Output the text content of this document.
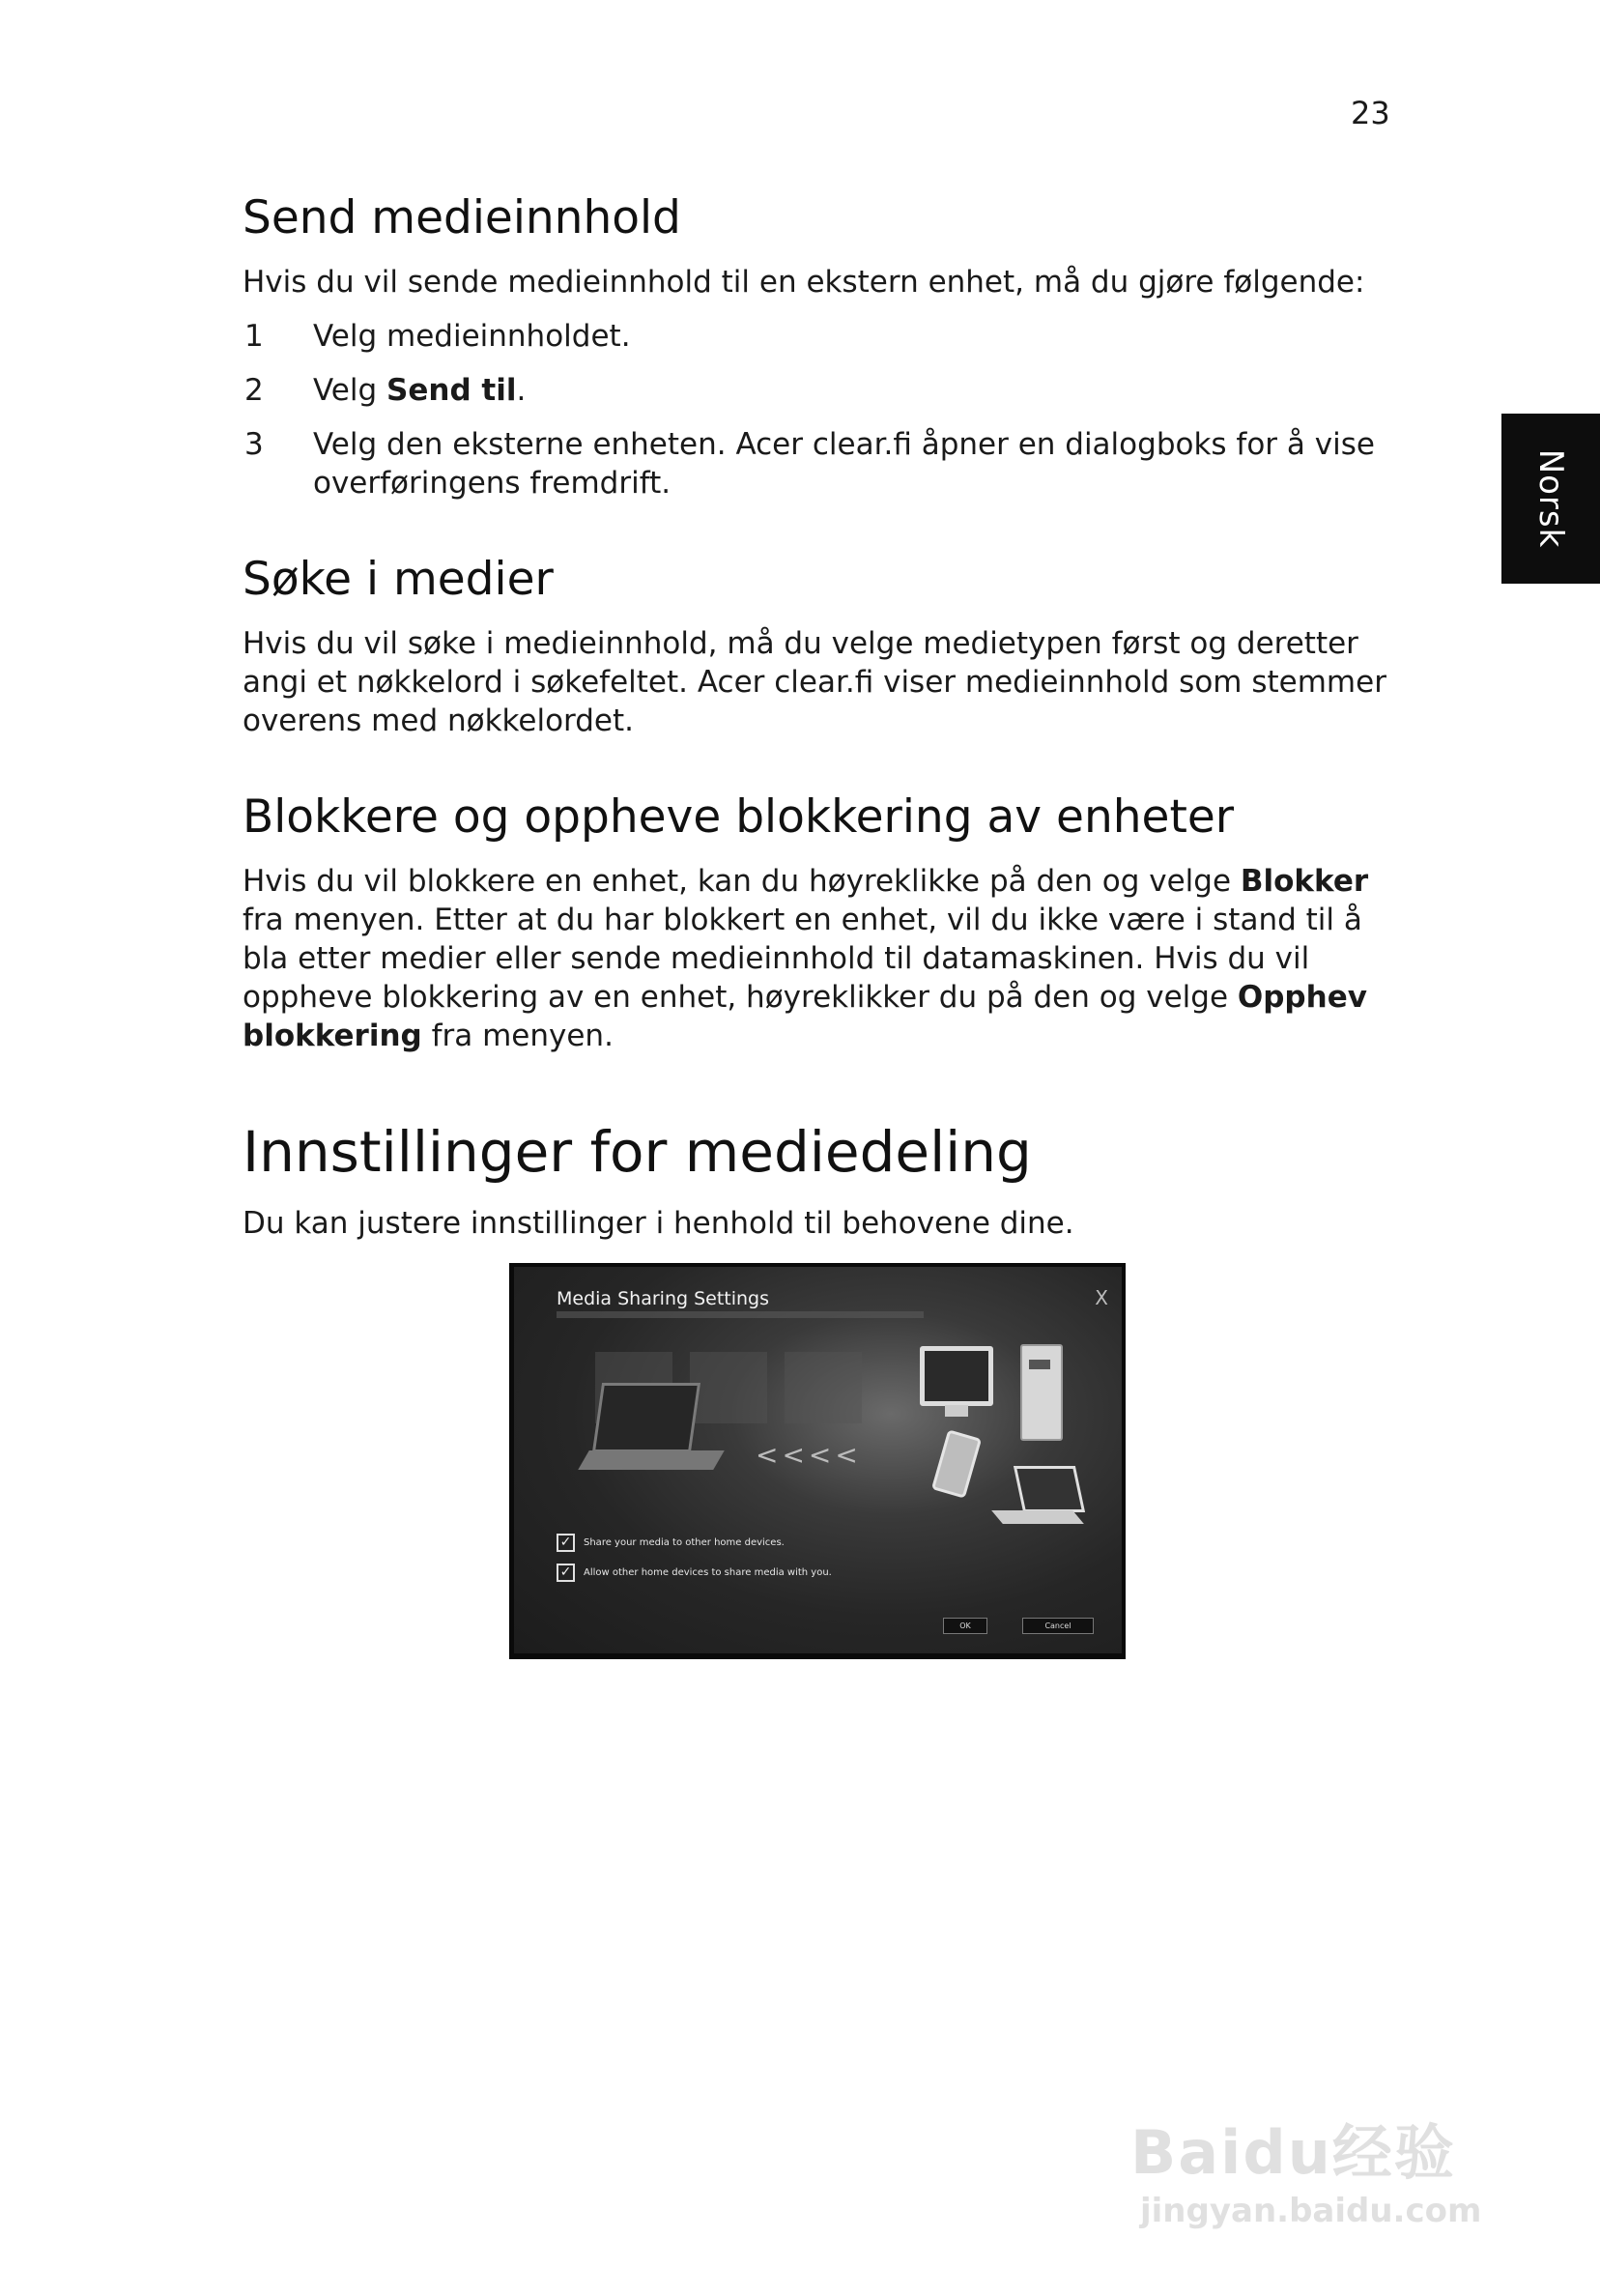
23
Norsk
Send medieinnhold

Hvis du vil sende medieinnhold til en ekstern enhet, må du gjøre følgende:

1 Velg medieinnholdet.
2 Velg Send til.
3 Velg den eksterne enheten. Acer clear.fi åpner en dialogboks for å vise overføringens fremdrift.
Søke i medier

Hvis du vil søke i medieinnhold, må du velge medietypen først og deretter angi et nøkkelord i søkefeltet. Acer clear.fi viser medieinnhold som stemmer overens med nøkkelordet.

Blokkere og oppheve blokkering av enheter

Hvis du vil blokkere en enhet, kan du høyreklikke på den og velge Blokker fra menyen. Etter at du har blokkert en enhet, vil du ikke være i stand til å bla etter medier eller sende medieinnhold til datamaskinen. Hvis du vil oppheve blokkering av en enhet, høyreklikker du på den og velge Opphev blokkering fra menyen.

Innstillinger for mediedeling

Du kan justere innstillinger i henhold til behovene dine.

Media Sharing Settings	X
<<<<
✓	Share your media to other home devices.
✓	Allow other home devices to share media with you.
OK	Cancel
Baidu经验
jingyan.baidu.com
